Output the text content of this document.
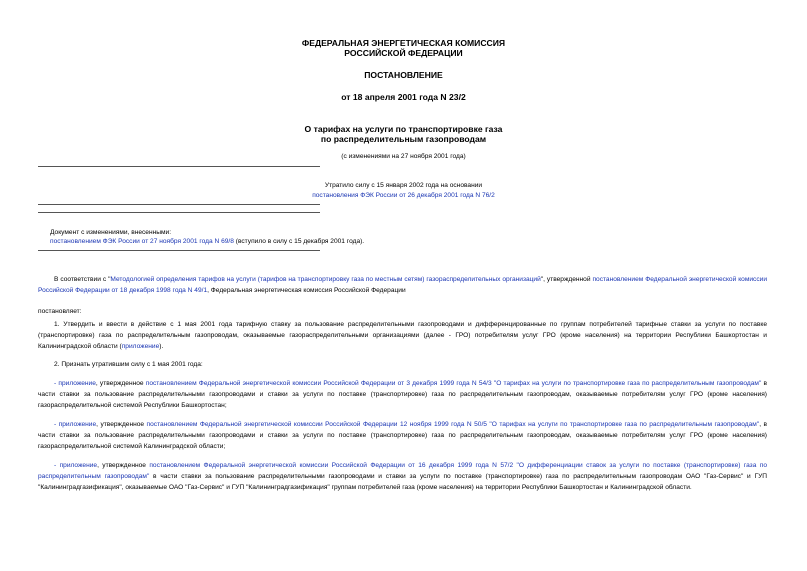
ФЕДЕРАЛЬНАЯ ЭНЕРГЕТИЧЕСКАЯ КОМИССИЯ
РОССИЙСКОЙ ФЕДЕРАЦИИ
ПОСТАНОВЛЕНИЕ
от 18 апреля 2001 года N 23/2
О тарифах на услуги по транспортировке газа
по распределительным газопроводам
(с изменениями на 27 ноября 2001 года)
Утратило силу с 15 января 2002 года на основании
постановления ФЭК России от 26 декабря 2001 года N 76/2
Документ с изменениями, внесенными:
постановлением ФЭК России от 27 ноября 2001 года N 69/8 (вступило в силу с 15 декабря 2001 года).
В соответствии с "Методологией определения тарифов на услуги (тарифов на транспортировку газа по местным сетям) газораспределительных организаций", утвержденной постановлением Федеральной энергетической комиссии Российской Федерации от 18 декабря 1998 года N 49/1, Федеральная энергетическая комиссия Российской Федерации
постановляет:
1. Утвердить и ввести в действие с 1 мая 2001 года тарифную ставку за пользование распределительными газопроводами и дифференцированные по группам потребителей тарифные ставки за услуги по поставке (транспортировке) газа по распределительным газопроводам, оказываемые газораспределительными организациями (далее - ГРО) потребителям услуг ГРО (кроме населения) на территории Республики Башкортостан и Калининградской области (приложение).
2. Признать утратившим силу с 1 мая 2001 года:
- приложение, утвержденное постановлением Федеральной энергетической комиссии Российской Федерации от 3 декабря 1999 года N 54/3 "О тарифах на услуги по транспортировке газа по распределительным газопроводам" в части ставки за пользование распределительными газопроводами и ставки за услуги по поставке (транспортировке) газа по распределительным газопроводам, оказываемые потребителям услуг ГРО (кроме населения) газораспределительной системой Республики Башкортостан;
- приложение, утвержденное постановлением Федеральной энергетической комиссии Российской Федерации 12 ноября 1999 года N 50/5 "О тарифах на услуги по транспортировке газа по распределительным газопроводам", в части ставки за пользование распределительными газопроводами и ставки за услуги по поставке (транспортировке) газа по распределительным газопроводам, оказываемые потребителям услуг ГРО (кроме населения) газораспределительной системой Калининградской области;
- приложение, утвержденное постановлением Федеральной энергетической комиссии Российской Федерации от 16 декабря 1999 года N 57/2 "О дифференциации ставок за услуги по поставке (транспортировке) газа по распределительным газопроводам" в части ставки за пользование распределительными газопроводами и ставки за услуги по поставке (транспортировке) газа по распределительным газопроводам ОАО "Газ-Сервис" и ГУП "Калининградгазификация", оказываемые ОАО "Газ-Сервис" и ГУП "Калининградгазификация" группам потребителей газа (кроме населения) на территории Республики Башкортостан и Калининградской области.
